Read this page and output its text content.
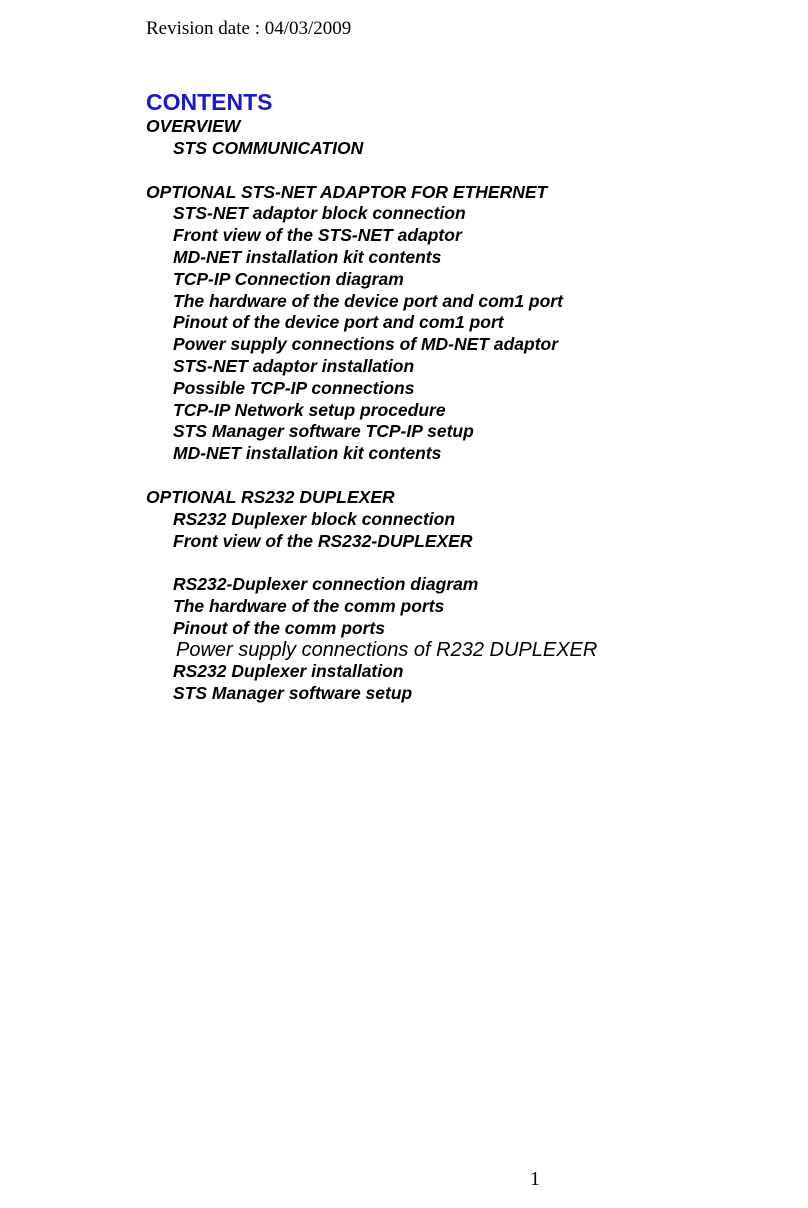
Revision date : 04/03/2009
CONTENTS
OVERVIEW
STS COMMUNICATION
OPTIONAL STS-NET ADAPTOR FOR ETHERNET
STS-NET adaptor block connection
Front view of the STS-NET adaptor
MD-NET installation kit contents
TCP-IP Connection diagram
The hardware of the device port and com1 port
Pinout of the device port and com1 port
Power supply connections of MD-NET adaptor
STS-NET adaptor installation
Possible TCP-IP connections
TCP-IP Network setup procedure
STS Manager software TCP-IP setup
MD-NET installation kit contents
OPTIONAL RS232 DUPLEXER
RS232 Duplexer block connection
Front view of the RS232-DUPLEXER
RS232-Duplexer connection diagram
The hardware of the comm ports
Pinout of the comm ports
Power supply connections of R232 DUPLEXER
RS232 Duplexer installation
STS Manager software setup
1
